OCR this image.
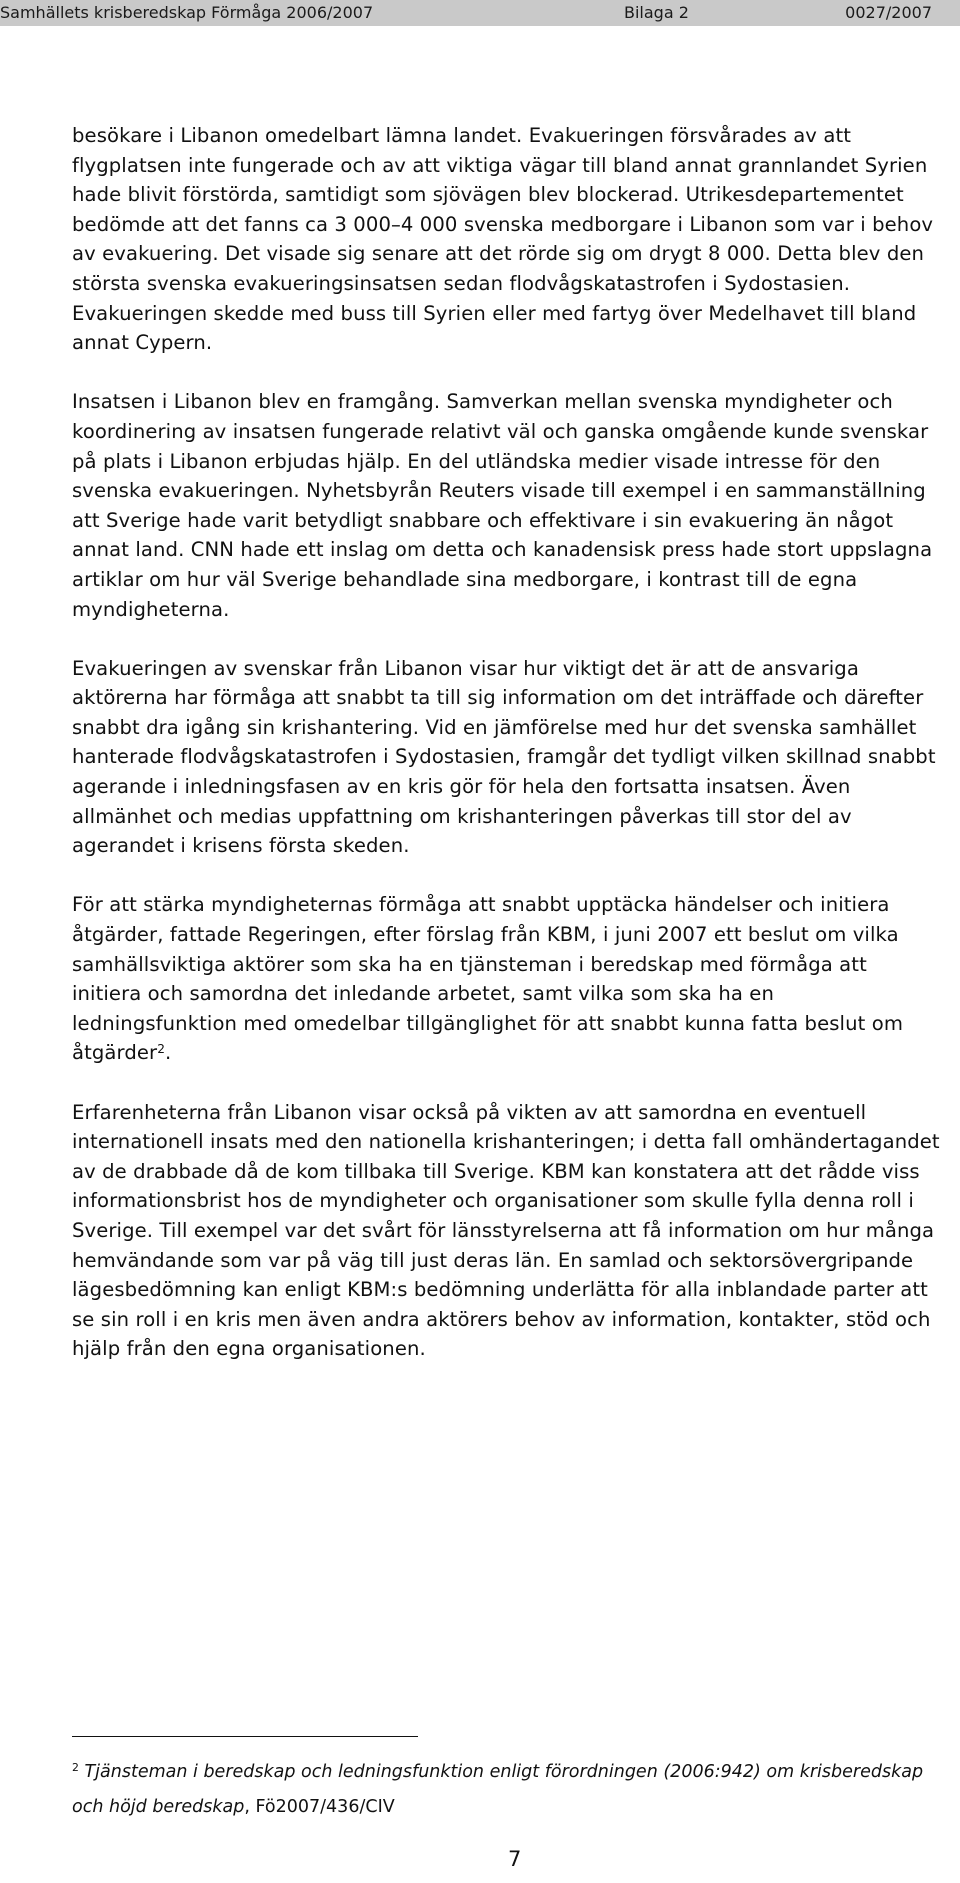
Samhällets krisberedskap Förmåga 2006/2007	Bilaga 2	0027/2007

besökare i Libanon omedelbart lämna landet. Evakueringen försvårades av att flygplatsen inte fungerade och av att viktiga vägar till bland annat grannlandet Syrien hade blivit förstörda, samtidigt som sjövägen blev blockerad. Utrikesdepartementet bedömde att det fanns ca 3 000–4 000 svenska medborgare i Libanon som var i behov av evakuering. Det visade sig senare att det rörde sig om drygt 8 000. Detta blev den största svenska evakueringsinsatsen sedan flodvågskatastrofen i Sydostasien. Evakueringen skedde med buss till Syrien eller med fartyg över Medelhavet till bland annat Cypern.

Insatsen i Libanon blev en framgång. Samverkan mellan svenska myndigheter och koordinering av insatsen fungerade relativt väl och ganska omgående kunde svenskar på plats i Libanon erbjudas hjälp. En del utländska medier visade intresse för den svenska evakueringen. Nyhetsbyrån Reuters visade till exempel i en sammanställning att Sverige hade varit betydligt snabbare och effektivare i sin evakuering än något annat land. CNN hade ett inslag om detta och kanadensisk press hade stort uppslagna artiklar om hur väl Sverige behandlade sina medborgare, i kontrast till de egna myndigheterna.

Evakueringen av svenskar från Libanon visar hur viktigt det är att de ansvariga aktörerna har förmåga att snabbt ta till sig information om det inträffade och därefter snabbt dra igång sin krishantering. Vid en jämförelse med hur det svenska samhället hanterade flodvågskatastrofen i Sydostasien, framgår det tydligt vilken skillnad snabbt agerande i inledningsfasen av en kris gör för hela den fortsatta insatsen. Även allmänhet och medias uppfattning om krishanteringen påverkas till stor del av agerandet i krisens första skeden.

För att stärka myndigheternas förmåga att snabbt upptäcka händelser och initiera åtgärder, fattade Regeringen, efter förslag från KBM, i juni 2007 ett beslut om vilka samhällsviktiga aktörer som ska ha en tjänsteman i beredskap med förmåga att initiera och samordna det inledande arbetet, samt vilka som ska ha en ledningsfunktion med omedelbar tillgänglighet för att snabbt kunna fatta beslut om åtgärder$^2$.

Erfarenheterna från Libanon visar också på vikten av att samordna en eventuell internationell insats med den nationella krishanteringen; i detta fall omhändertagandet av de drabbade då de kom tillbaka till Sverige. KBM kan konstatera att det rådde viss informationsbrist hos de myndigheter och organisationer som skulle fylla denna roll i Sverige. Till exempel var det svårt för länsstyrelserna att få information om hur många hemvändande som var på väg till just deras län. En samlad och sektorsövergripande lägesbedömning kan enligt KBM:s bedömning underlätta för alla inblandade parter att se sin roll i en kris men även andra aktörers behov av information, kontakter, stöd och hjälp från den egna organisationen.

$^2$ Tjänsteman i beredskap och ledningsfunktion enligt förordningen (2006:942) om krisberedskap och höjd beredskap, Fö2007/436/CIV
7
